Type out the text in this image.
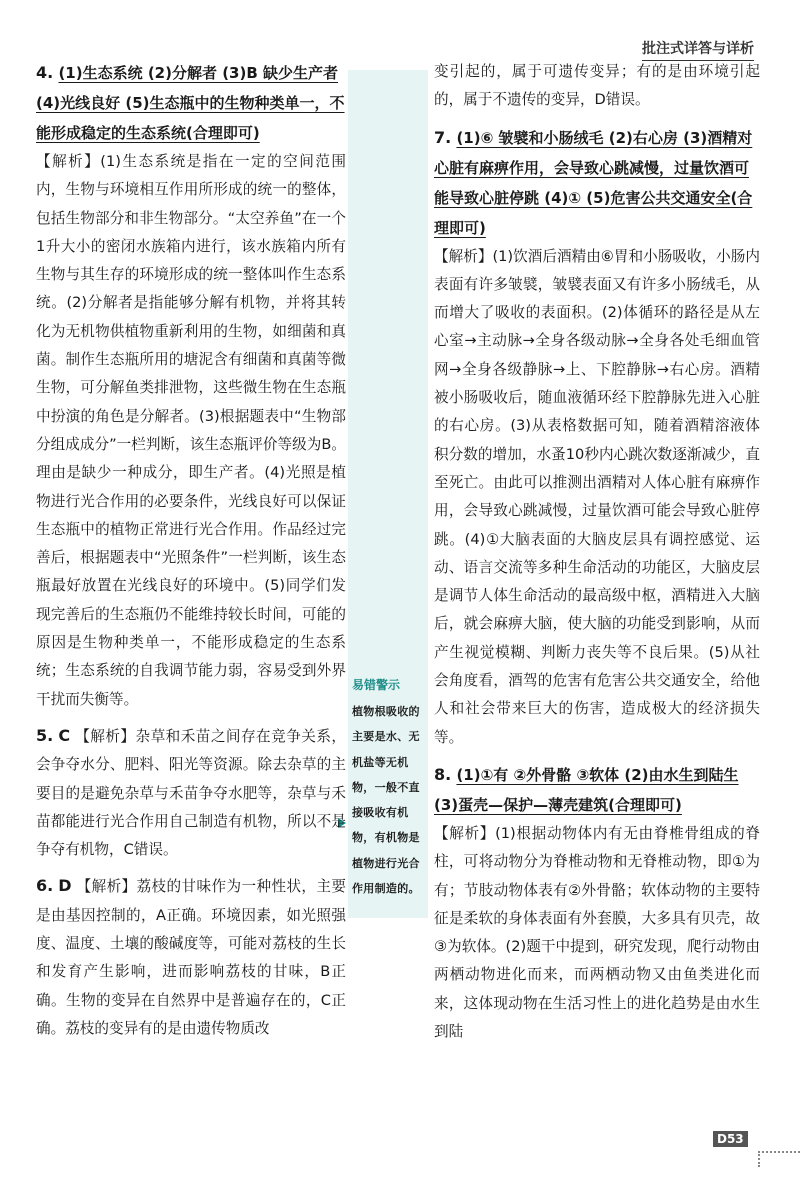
批注式详答与详析
易错警示
植物根吸收的主要是水、无机盐等无机物，一般不直接吸收有机物，有机物是植物进行光合作用制造的。
4. (1)生态系统 (2)分解者 (3)B 缺少生产者 (4)光线良好 (5)生态瓶中的生物种类单一，不能形成稳定的生态系统(合理即可)
【解析】(1)生态系统是指在一定的空间范围内，生物与环境相互作用所形成的统一的整体，包括生物部分和非生物部分。“太空养鱼”在一个1升大小的密闭水族箱内进行，该水族箱内所有生物与其生存的环境形成的统一整体叫作生态系统。(2)分解者是指能够分解有机物，并将其转化为无机物供植物重新利用的生物，如细菌和真菌。制作生态瓶所用的塘泥含有细菌和真菌等微生物，可分解鱼类排泄物，这些微生物在生态瓶中扮演的角色是分解者。(3)根据题表中“生物部分组成成分”一栏判断，该生态瓶评价等级为B。理由是缺少一种成分，即生产者。(4)光照是植物进行光合作用的必要条件，光线良好可以保证生态瓶中的植物正常进行光合作用。作品经过完善后，根据题表中“光照条件”一栏判断，该生态瓶最好放置在光线良好的环境中。(5)同学们发现完善后的生态瓶仍不能维持较长时间，可能的原因是生物种类单一，不能形成稳定的生态系统；生态系统的自我调节能力弱，容易受到外界干扰而失衡等。
5. C 【解析】杂草和禾苗之间存在竞争关系，会争夺水分、肥料、阳光等资源。除去杂草的主要目的是避免杂草与禾苗争夺水肥等，杂草与禾苗都能进行光合作用自己制造有机物，所以不是争夺有机物，C错误。
6. D 【解析】荔枝的甘味作为一种性状，主要是由基因控制的，A正确。环境因素，如光照强度、温度、土壤的酸碱度等，可能对荔枝的生长和发育产生影响，进而影响荔枝的甘味，B正确。生物的变异在自然界中是普遍存在的，C正确。荔枝的变异有的是由遗传物质改
变引起的，属于可遗传变异；有的是由环境引起的，属于不遗传的变异，D错误。
7. (1)⑥ 皱襞和小肠绒毛 (2)右心房 (3)酒精对心脏有麻痹作用，会导致心跳减慢，过量饮酒可能导致心脏停跳 (4)① (5)危害公共交通安全(合理即可)
【解析】(1)饮酒后酒精由⑥胃和小肠吸收，小肠内表面有许多皱襞，皱襞表面又有许多小肠绒毛，从而增大了吸收的表面积。(2)体循环的路径是从左心室→主动脉→全身各级动脉→全身各处毛细血管网→全身各级静脉→上、下腔静脉→右心房。酒精被小肠吸收后，随血液循环经下腔静脉先进入心脏的右心房。(3)从表格数据可知，随着酒精溶液体积分数的增加，水蚤10秒内心跳次数逐渐减少，直至死亡。由此可以推测出酒精对人体心脏有麻痹作用，会导致心跳减慢，过量饮酒可能会导致心脏停跳。(4)①大脑表面的大脑皮层具有调控感觉、运动、语言交流等多种生命活动的功能区，大脑皮层是调节人体生命活动的最高级中枢，酒精进入大脑后，就会麻痹大脑，使大脑的功能受到影响，从而产生视觉模糊、判断力丧失等不良后果。(5)从社会角度看，酒驾的危害有危害公共交通安全，给他人和社会带来巨大的伤害，造成极大的经济损失等。
8. (1)①有 ②外骨骼 ③软体 (2)由水生到陆生 (3)蛋壳—保护—薄壳建筑(合理即可)
【解析】(1)根据动物体内有无由脊椎骨组成的脊柱，可将动物分为脊椎动物和无脊椎动物，即①为有；节肢动物体表有②外骨骼；软体动物的主要特征是柔软的身体表面有外套膜，大多具有贝壳，故③为软体。(2)题干中提到，研究发现，爬行动物由两栖动物进化而来，而两栖动物又由鱼类进化而来，这体现动物在生活习性上的进化趋势是由水生到陆
D53
